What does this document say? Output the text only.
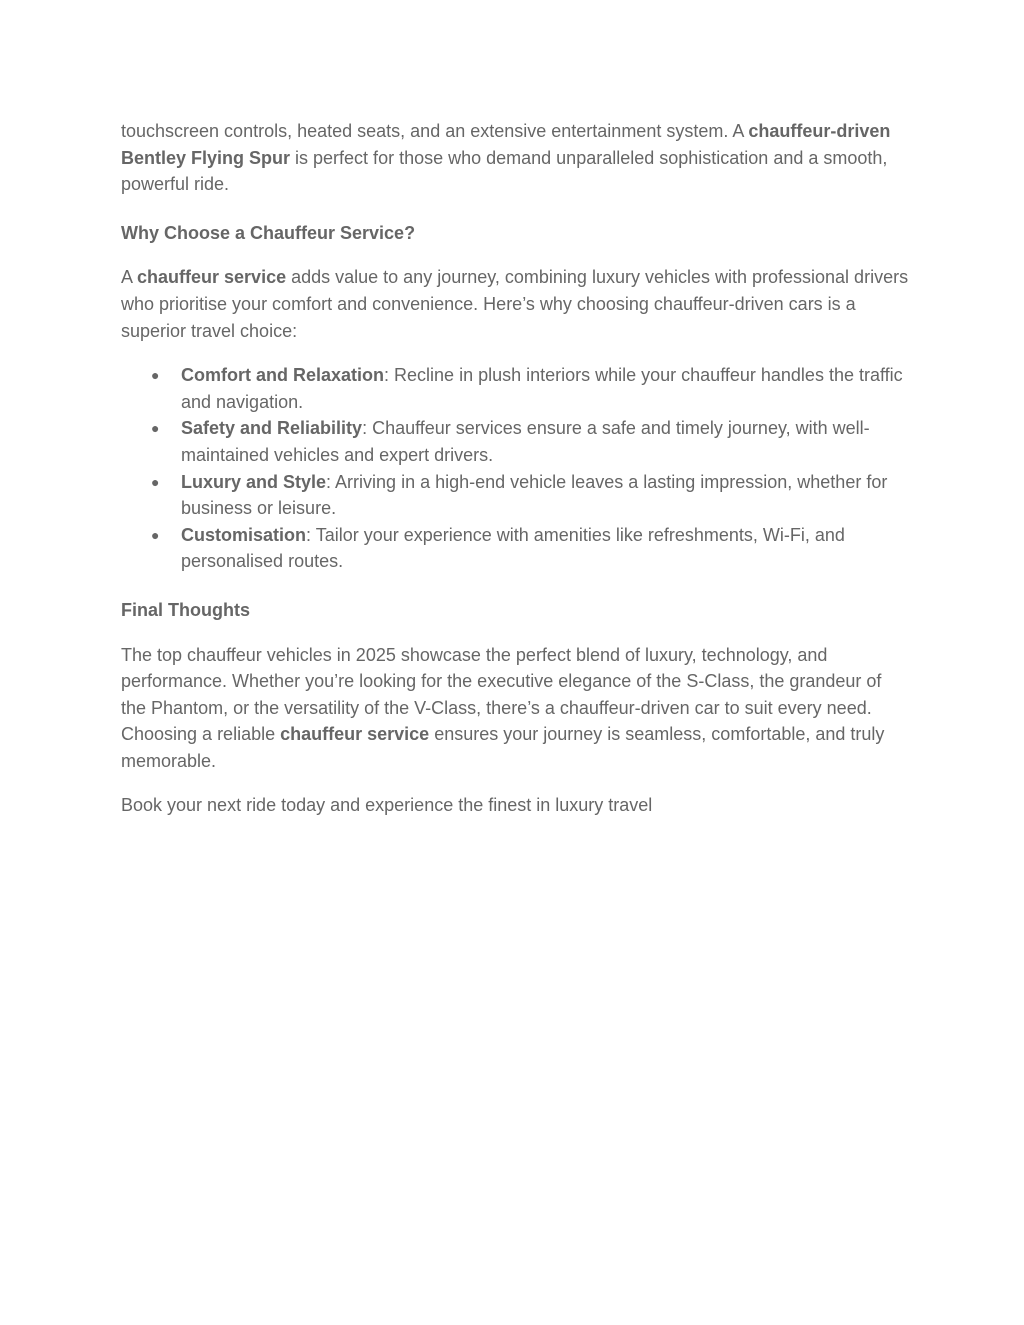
touchscreen controls, heated seats, and an extensive entertainment system. A chauffeur-driven Bentley Flying Spur is perfect for those who demand unparalleled sophistication and a smooth, powerful ride.

Why Choose a Chauffeur Service?

A chauffeur service adds value to any journey, combining luxury vehicles with professional drivers who prioritise your comfort and convenience. Here’s why choosing chauffeur-driven cars is a superior travel choice:

● Comfort and Relaxation: Recline in plush interiors while your chauffeur handles the traffic and navigation.
● Safety and Reliability: Chauffeur services ensure a safe and timely journey, with well-maintained vehicles and expert drivers.
● Luxury and Style: Arriving in a high-end vehicle leaves a lasting impression, whether for business or leisure.
● Customisation: Tailor your experience with amenities like refreshments, Wi-Fi, and personalised routes.
Final Thoughts

The top chauffeur vehicles in 2025 showcase the perfect blend of luxury, technology, and performance. Whether you’re looking for the executive elegance of the S-Class, the grandeur of the Phantom, or the versatility of the V-Class, there’s a chauffeur-driven car to suit every need. Choosing a reliable chauffeur service ensures your journey is seamless, comfortable, and truly memorable.

Book your next ride today and experience the finest in luxury travel
